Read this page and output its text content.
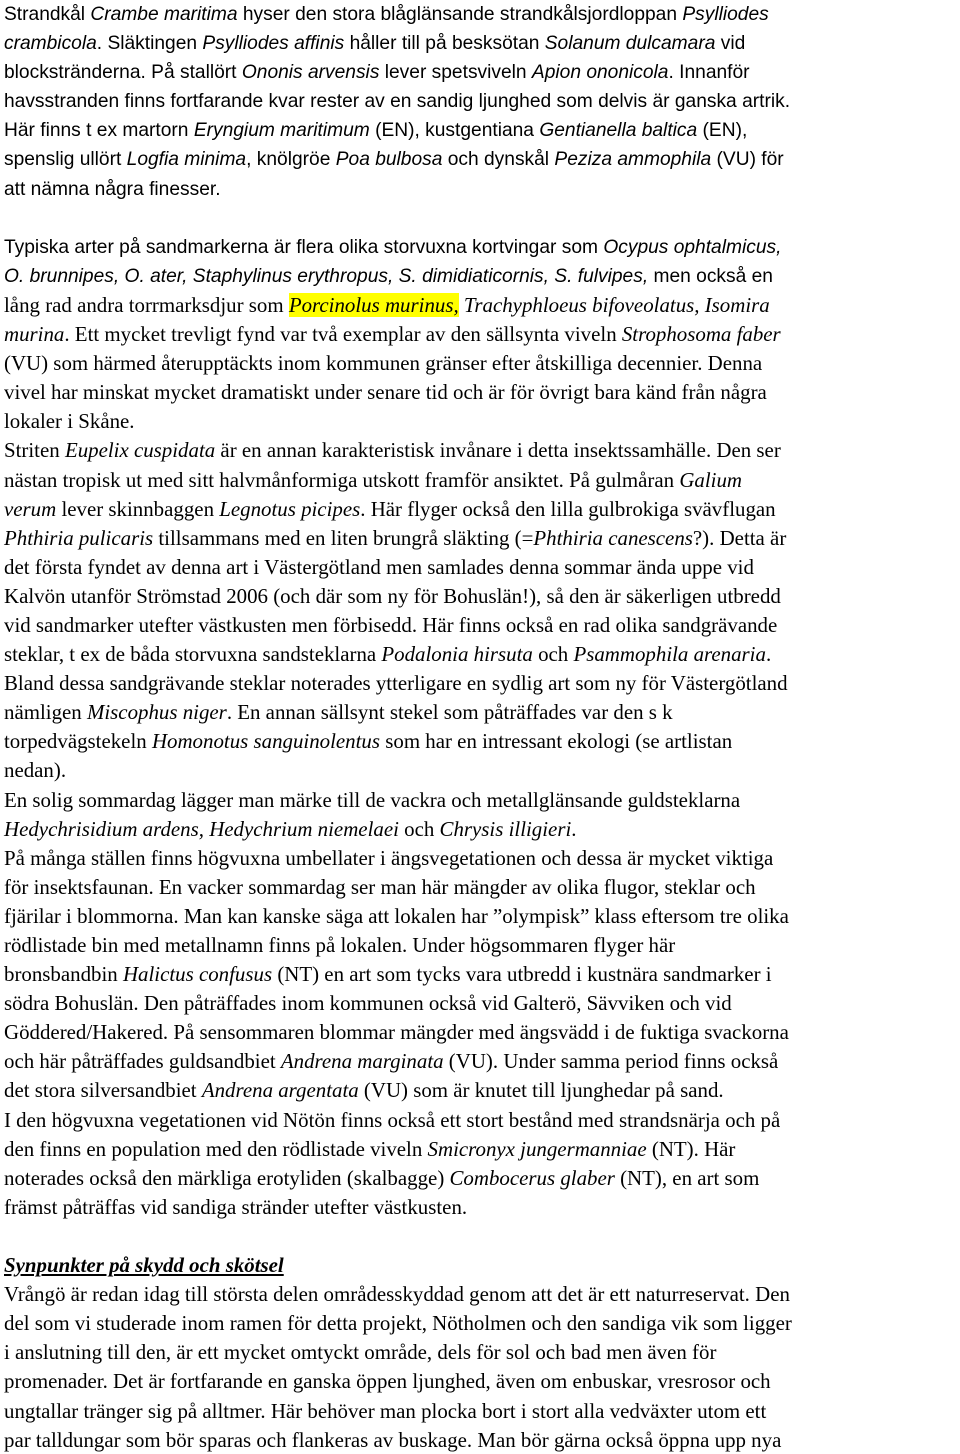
Strandkål Crambe maritima hyser den stora blåglänsande strandkålsjordloppan Psylliodes
crambicola. Släktingen Psylliodes affinis håller till på besksötan Solanum dulcamara vid
blockstränderna. På stallört Ononis arvensis lever spetsviveln Apion ononicola. Innanför
havsstranden finns fortfarande kvar rester av en sandig ljunghed som delvis är ganska artrik.
Här finns t ex martorn Eryngium maritimum (EN), kustgentiana Gentianella baltica (EN),
spenslig ullört Logfia minima, knölgröe Poa bulbosa och dynskål Peziza ammophila (VU) för
att nämna några finesser.
Typiska arter på sandmarkerna är flera olika storvuxna kortvingar som Ocypus ophtalmicus,
O. brunnipes, O. ater, Staphylinus erythropus, S. dimidiaticornis, S. fulvipes, men också en
lång rad andra torrmarksdjur som Porcinolus murinus, Trachyphloeus bifoveolatus, Isomira
murina. Ett mycket trevligt fynd var två exemplar av den sällsynta viveln Strophosoma faber
(VU) som härmed återupptäckts inom kommunen gränser efter åtskilliga decennier. Denna
vivel har minskat mycket dramatiskt under senare tid och är för övrigt bara känd från några
lokaler i Skåne.
Striten Eupelix cuspidata är en annan karakteristisk invånare i detta insektssamhälle. Den ser
nästan tropisk ut med sitt halvmånformiga utskott framför ansiktet. På gulmåran Galium
verum lever skinnbaggen Legnotus picipes. Här flyger också den lilla gulbrokiga svävflugan
Phthiria pulicaris tillsammans med en liten brungrå släkting (=Phthiria canescens?). Detta är
det första fyndet av denna art i Västergötland men samlades denna sommar ända uppe vid
Kalvön utanför Strömstad 2006 (och där som ny för Bohuslän!), så den är säkerligen utbredd
vid sandmarker utefter västkusten men förbisedd. Här finns också en rad olika sandgrävande
steklar, t ex de båda storvuxna sandsteklarna Podalonia hirsuta och Psammophila arenaria.
Bland dessa sandgrävande steklar noterades ytterligare en sydlig art som ny för Västergötland
nämligen Miscophus niger. En annan sällsynt stekel som påträffades var den s k
torpedvägstekeln Homonotus sanguinolentus som har en intressant ekologi (se artlistan
nedan).
En solig sommardag lägger man märke till de vackra och metallglänsande guldsteklarna
Hedychrisidium ardens, Hedychrium niemelaei och Chrysis illigieri.
På många ställen finns högvuxna umbellater i ängsvegetationen och dessa är mycket viktiga
för insektsfaunan. En vacker sommardag ser man här mängder av olika flugor, steklar och
fjärilar i blommorna. Man kan kanske säga att lokalen har ”olympisk” klass eftersom tre olika
rödlistade bin med metallnamn finns på lokalen. Under högsommaren flyger här
bronsbandbin Halictus confusus (NT) en art som tycks vara utbredd i kustnära sandmarker i
södra Bohuslän. Den påträffades inom kommunen också vid Galterö, Sävviken och vid
Göddered/Hakered. På sensommaren blommar mängder med ängsvädd i de fuktiga svackorna
och här påträffades guldsandbiet Andrena marginata (VU). Under samma period finns också
det stora silversandbiet Andrena argentata (VU) som är knutet till ljunghedar på sand.
I den högvuxna vegetationen vid Nötön finns också ett stort bestånd med strandsnärja och på
den finns en population med den rödlistade viveln Smicronyx jungermanniae (NT). Här
noterades också den märkliga erotyliden (skalbagge) Combocerus glaber (NT), en art som
främst påträffas vid sandiga stränder utefter västkusten.
Synpunkter på skydd och skötsel
Vrångö är redan idag till största delen områdesskyddad genom att det är ett naturreservat. Den
del som vi studerade inom ramen för detta projekt, Nötholmen och den sandiga vik som ligger
i anslutning till den, är ett mycket omtyckt område, dels för sol och bad men även för
promenader. Det är fortfarande en ganska öppen ljunghed, även om enbuskar, vresrosor och
ungtallar tränger sig på alltmer. Här behöver man plocka bort i stort alla vedväxter utom ett
par talldungar som bör sparas och flankeras av buskage. Man bör gärna också öppna upp nya
